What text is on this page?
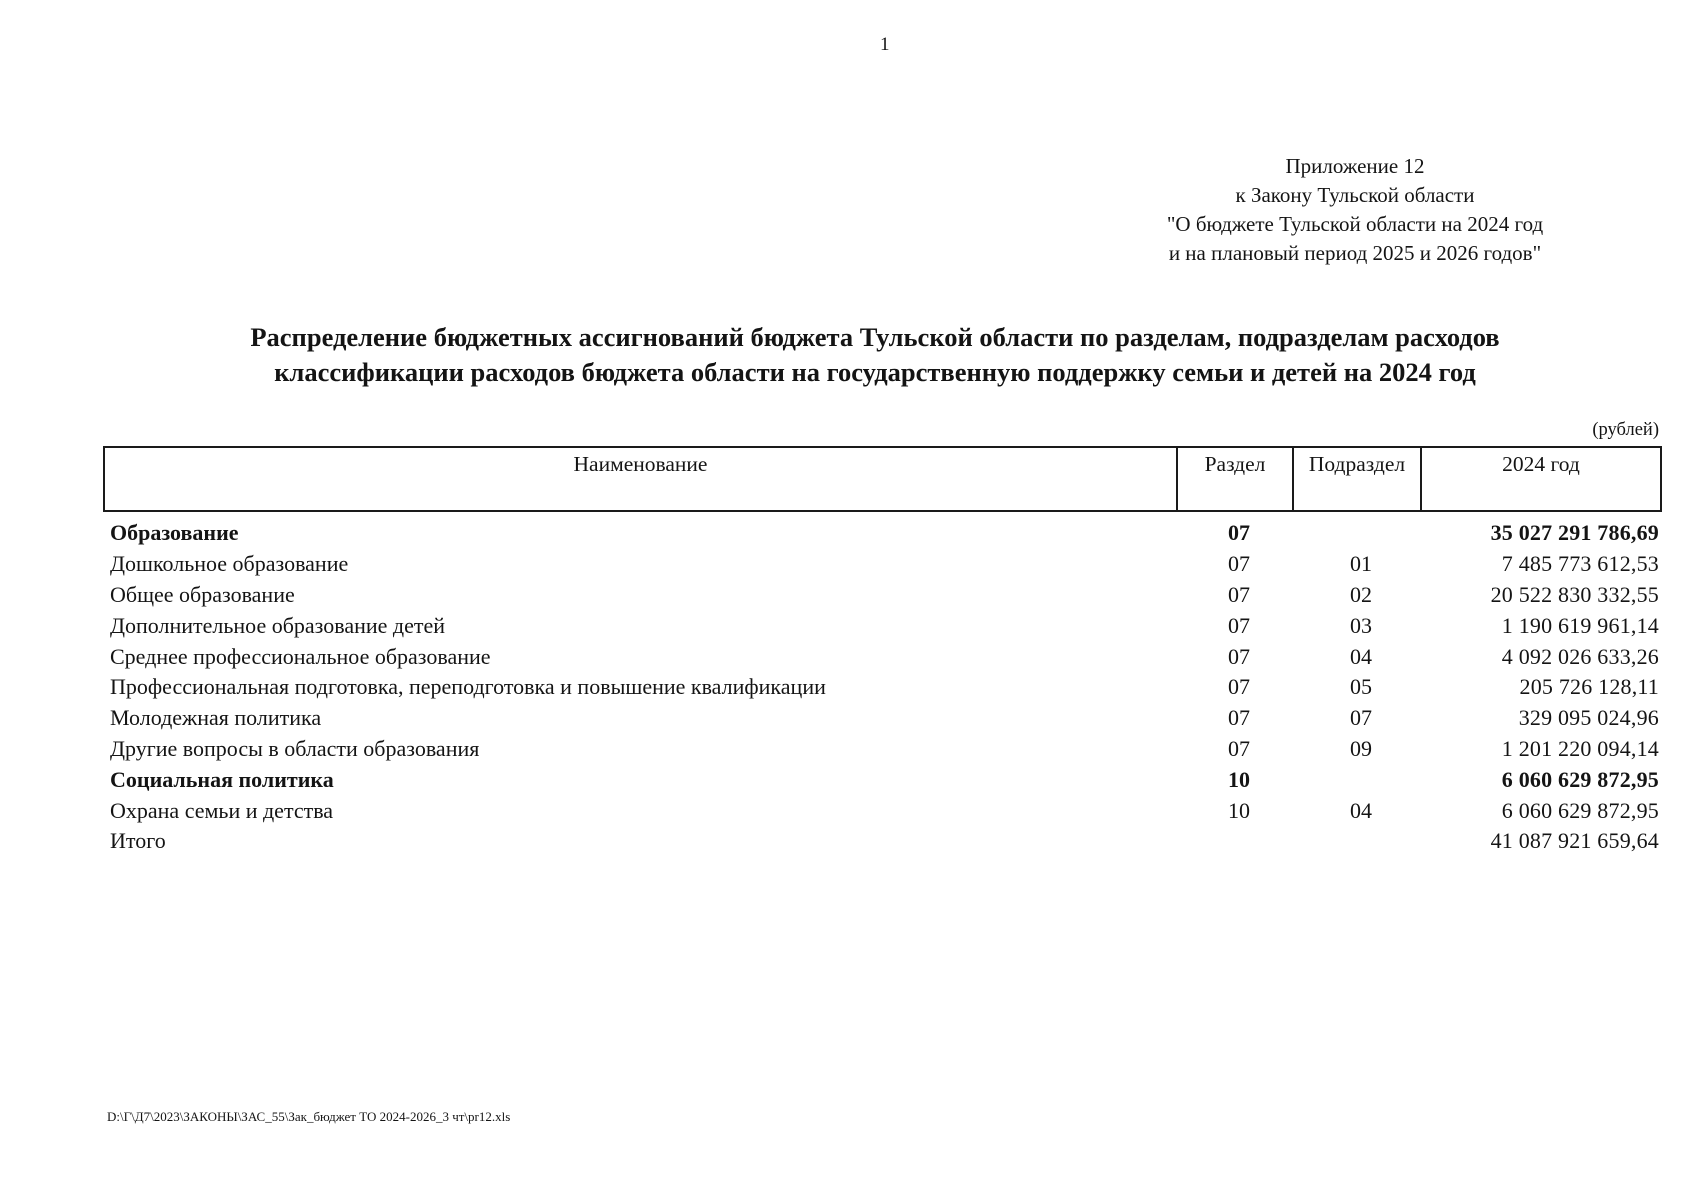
1
Приложение 12
к Закону Тульской области
"О бюджете Тульской области на 2024 год
и на плановый период 2025 и 2026 годов"
Распределение бюджетных ассигнований бюджета Тульской области по разделам, подразделам расходов
классификации расходов бюджета области на государственную поддержку семьи и детей на 2024 год
(рублей)
Наименование	Раздел	Подраздел	2024 год
Образование	07		35 027 291 786,69
Дошкольное образование	07	01	7 485 773 612,53
Общее образование	07	02	20 522 830 332,55
Дополнительное образование детей	07	03	1 190 619 961,14
Среднее профессиональное образование	07	04	4 092 026 633,26
Профессиональная подготовка, переподготовка и повышение квалификации	07	05	205 726 128,11
Молодежная политика	07	07	329 095 024,96
Другие вопросы в области образования	07	09	1 201 220 094,14
Социальная политика	10		6 060 629 872,95
Охрана семьи и детства	10	04	6 060 629 872,95
Итого			41 087 921 659,64
D:\Г\Д7\2023\ЗАКОНЫ\ЗАС_55\Зак_бюджет ТО 2024-2026_3 чт\pr12.xls
